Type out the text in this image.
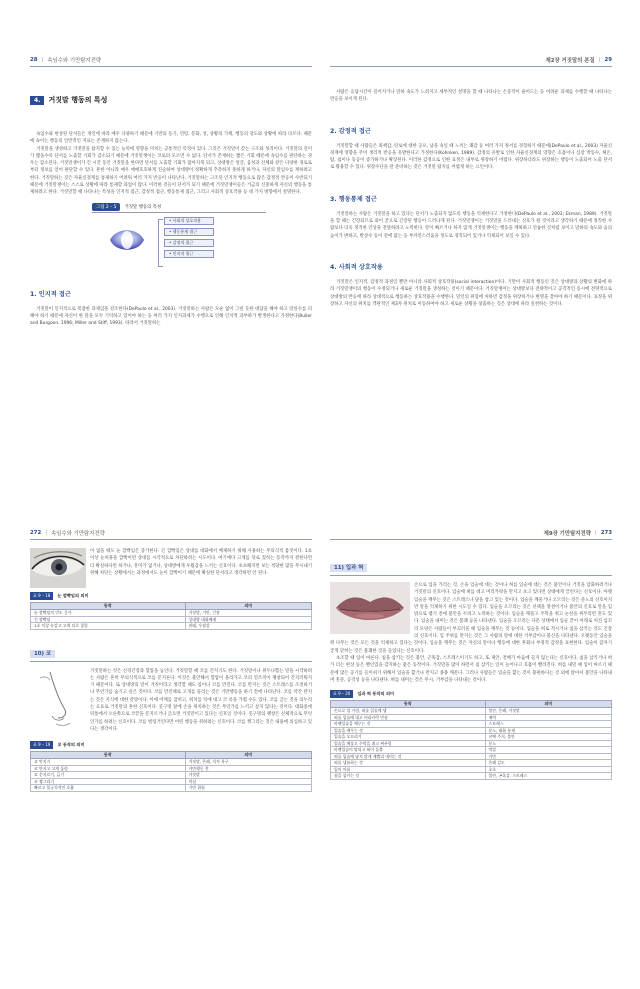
28 | 속임수와 기만탐지전략
4.	거짓말 행동의 특성

속임수와 현상된 단서들은 개인에 따라 매우 다양하기 때문에 기만의 동기, 연령, 문화, 성, 상황의 가책, 행동의 강도와 상황에 따라 다르다. 때문에 속이는 행동의 일반적인 지표는 존재하지 않는다.

거짓말을 생성하고 거짓말을 탐지할 수 있는 능력에 영향을 미치는 공통적인 특징이 있다. 그것은 거짓말이 갖는 구조와 성격이다. 거짓말의 길이가 짧을수록 단서를 노출할 기회가 감소되기 때문에 거짓말쟁이는 코로의 모르면 수 없다. 단서가 존재하는 짧은 기회 때문에 속임수를 판단하는 경우는 감소된다. 거짓말쟁이가 긴 시간 동안 거짓말을 한다면 단서를 노출할 기회가 많아지게 되고, 상대방은 얼굴, 음성과 신체와 같은 다양한 경로로부터 정보를 얻어 판단할 수 있다. 흔한 아니라 매우 애매호호하게 진술하여 상대방이 정확하게 추측하지 못하게 하거나, 자신의 말임수를 계하려고 한다. 거짓말하는 것은 자율신경계를 통제하기 어려워 여러 가지 반응이 나타난다. 거짓말하는 고조된 인지적 행동으로 많은 감정적 반응이 수반되기 때문에 거짓말쟁이는 스스로 상황에 따라 통제할 과업이 많다. 이러한 것들이 단서가 되기 때문에 거짓말쟁이들은 거금의 신중하게 자신의 행동을 통제하려고 한다. 거짓말할 때 나타나는 특성을 인지적 접근, 감정적 접근, 행동통제 접근, 그리고 사회적 상호작용 등 네 가지 방향에서 설명한다.

그림 2 – 5	거짓말 행동의 특성
• 사회적 상호작용
• 행동통제 접근
• 감정적 접근
• 인지적 접근

1. 인지적 접근

거짓말이 인지적으로 복잡한 과제임을 강조한다(DePaulo et al., 2003). 거짓말하는 사람은 모순 없이 그럴 듯한 대답을 해야 하고 말실수를 피해야 하기 때문에 자신이 한 말을 모두 기억하고 있어야 하는 등 여러 가지 인지과제가 수행으로 인해 인지적 과부하가 발생한다고 가정한다(Buller and Burgoon, 1996; Miller and Stiff, 1993). 따라서 거짓말하는

제2장 거짓말의 본질 | 29

사람은 응답시간이 길어지거나 말하 속도가 느려지고 세부적인 설명을 할 때 나타나는 손동작이 줄어드는 등 어려운 과제를 수행할 때 나타나는 반응을 보이게 된다.

2. 감정적 접근

거짓말할 때 사람들은 죄책감, 탄로에 대한 공포, 남을 속일 때 느끼는 쾌감 등 여러 가지 정서를 경험하기 때문에(DePaulo et al., 2003) 자율신경계에 영향을 주어 생리적 반응을 유발한다고 가정한다(Kohnken, 1989). 감정의 유발로 인한 자율신경계의 영향은 호흡이나 심장 박동수, 체온, 땀, 침이나 동공이 증가하거나 확장된다. 이러한 감정으로 인한 표정은 내부로 위장하기 어렵다. 위장하더라도 위장하는 행동이 노출되어 노출 단서로 활용할 수 있다. 위장수단을 잘 준비하는 것은 거짓말 탐지를 어렵게 하는 요인이다.

3. 행동통제 접근

거짓말하는 사람은 거짓말을 하고 있다는 단서가 노출되지 않도록 행동을 억제한다고 가정한다(DePaulo et al., 2003; Ekman, 1989). 거짓말을 할 때는 긴장되므로 외어 굳으로 긴장된 행동이 드러나게 된다. 거짓말쟁이는 거짓말을 드러내는 신호가 될 것이라고 생각하기 때문에 정직한 사람보다 더욱 정직한 인상을 전달하려고 노력한다. 말이 빠르거나 하지 않게 거짓말쟁이는 행동을 계획하고 연습한 것처럼 보이고 말하의 속도와 음의 높이가 변하고, 발상수 동이 전에 없는 등 부자연스러움을 정도로 경직되어 있거나 억제되어 보일 수 있다.

4. 사회적 상호작용

거짓말은 인지적, 감정적 과정일 뿐만 아니라 사회적 상호작용(social interaction)이다. 기만이 사회적 행동인 것은 상대방과 상황의 변화에 따라 거짓말쟁이의 행동이 수정되거나 새로운 거짓말을 생성하는 것이기 때문이다. 거짓말쟁이는 상대방보다 전략적이고 공격적인 동시에 전략적으로 상대방의 반응에 따라 상대적으로 행동하는 상호작용을 수행한다. 말인의 위험에 처하면 감정을 위장하거나 변명을 찾아야 하기 때문이다. 표정을 위장하고 자신의 위치를 객관적인 제3자 위치로 이동하여야 하고 새로운 상황을 창출하는 것은 상대에 따라 실천하는 것이다.

272 | 속임수와 기만탐지전략

이 없을 때도 눈 깜빡임은 증가한다. 긴 깜빡임은 상대를 대화에서 배제하기 위해 사용하는 무의식적 몸짓이다. 1초 이상 눈꺼풀을 깜빡이면 상대를 시각적으로 차단하려는 시도이다. 여기에다 고개를 뒤로 젖히는 동작까지 곁한다면 더 확실하다면 하거나, 흥미가 없거나, 상대방에게 우월감을 느끼는 신호이다. 초초해지면 보는 적당한 많을 무시내기 위해 차단는 상황에서는 과정에서도 눈이 깜빡이기 때문에 확실한 단서라고 생각하면 안 된다.

표 9 – 18	눈 깜빡임의 의미
동작	의미
눈 깜빡임의 빈도 증가	거짓말, 기만, 긴장
긴 깜빡임	상대방 대화배제
1초 이상 눈감고 고개 뒤로 젖힘	권태, 우월감
10) 코

거짓말하는 것은 신경긴장과 혈압을 높인다. 거짓말할 때 코를 건지기도 한다. 거짓말이나 위두나쁨는 말을 시작하려는 사람은 흔히 무의식적으로 코를 문지른다. 이것은 불안해서 혈압이 올라가고 코의 연조직이 팽창되어 간지러워지기 때문이다. 또 상대방의 말이 거짓이라고 생각할 때도 입이나 코를 만진다. 코를 만지는 것은 스트레스를 조절하거나 무언가를 숨기고 싶은 것이다. 코를 만진채로 고개를 돌리는 것은 거만행동을 하기 전에 나타난다. 코를 약간 만지는 것은 지식에 대한 갈망이다. 이에 어깨를 굽히고, 위치를 틱에 대고 코 폭을 가볍 수도 있다. 코를 긁는 것을 의누리는 요표로 거짓말의 흔한 신호이다. 콧구멍 앞에 손을 위치하는 것은 무언가를 느끼고 싶지 않다는 것이다. 대화중에 뒤통에서 오른쪽으로 코끝을 문지르거나 긁으면 거짓말이고 있다는 신호일 것이다. 콧구멍의 팽창은 신체적으로 무엇인가를 하려는 신호이다. 코를 벌렁거린다면 어떤 행동을 취하려는 신호이다. 코를 찡그리는 것은 내용에 의심하고 있다는 생각이다.

표 9 – 19	코 동작의 의미
동작	의미
코 만지기	거짓말, 은폐, 지적 욕구
코 만지고 고개 돌림	거만행동 전
코 문지르기, 긁기	거짓말
코 찡그리기	의심
빠르고 불규칙적인 호흡	기만 위험
제9장 기만탐지전략 | 273
11) 입과 혀

손으로 입을 가리는 것, 손을 입술에 대는 것이나 혀를 입술에 대는 것은 불안이나 거짓을 암화하려거나 거짓말의 신호이다. 입술에 혀를 대고 머리카락을 만지고 보고 있다면 상대에게 끌린다는 신호이다. 아랫입술을 깨무는 것은 스트레스나 당을 참고 있는 것이다. 입술을 깨물거나 오므리는 것은 분노의 신호이지만 말을 억제하기 위한 시도일 수 있다. 입술을 오므리는 것은 선택을 망설이거나 불안의 신호로 말을 입 밖으로 뱉기 전에 불안을 두려고 노력하는 것이다. 입술을 깨물고 주먹을 쥐고 눈살을 찌푸리면 혼도 있다. 입술을 내미는 것은 불쾌 등을 나타낸다. 입술을 오므리는 다문 상태에서 입술 끝이 아래로 처진 입꼬리 모양은 사람들이 부끄러울 때 입술을 깨무는 것 등이다. 입술을 혀로 적시거나 침을 삼키는 것도 긴장의 신호이다. 입 주위를 만지는 것은 그 사람의 말에 대한 거부감이나 불신을 나타낸다. 오랫동안 입술을 꽉 다무는 것은 모든 것을 억제하고 있다는 것이다. 입술을 깨무는 것은 자신의 말이나 행동에 대한 후회나 부정적 감정을 표현한다. 입술이 갑자기 굳게 닫히는 것은 불쾌한 것을 들었다는 신호이다.

초조할 때 입이 마른다. 침을 삼키는 것은 불안, 곤혹감, 스트레스이기도 하고, 또 제안, 전배가 마음에 들지 않는다는 신호이다. 침을 삼키거나 혀가 더는 현상 등은 밴인있을 감지하는 좋은 동작이다. 거짓말을 많이 하면서 침 삼키는 일이 늘어나고 호흡이 빨라진다. 혀를 내밀 때 입이 마르기 때문에 많은 공기를 들이쉬기 위해서 입술을 핥거나 만지고 종종 깨문다. 그러나 사람들은 입술을 핥는 것이 불편하다는 것 외에 앉아서 불안을 나타내며 흥분, 공격성 등을 나타낸다. 혀를 내미는 것은 무시, 거부감을 나타내는 것이다.

표 9 – 20	입과 혀 동작의 의미
동작	의미
손으로 입 가림, 혀를 입술에 댐	불안, 은폐, 거짓말
혀를 입술에 대고 머리카락 만짐	매력
아랫입술을 깨무는 것	스트레스
입술을 깨무는 것	분노, 대화 통제
입술을 오므리기	선택 주저, 불안
입술을 깨물고 주먹을 쥐고 찌푸림	분노
아랫입술이 말리고 혀이 돌출	억압
혀를 입술에 닿지 않게 재빨리 내미는 것	거만
혀를 낼름하는 것	은폐 감도
입이 마름	초초
침을 삼키는 것	불안, 곤혹감, 스트레스
